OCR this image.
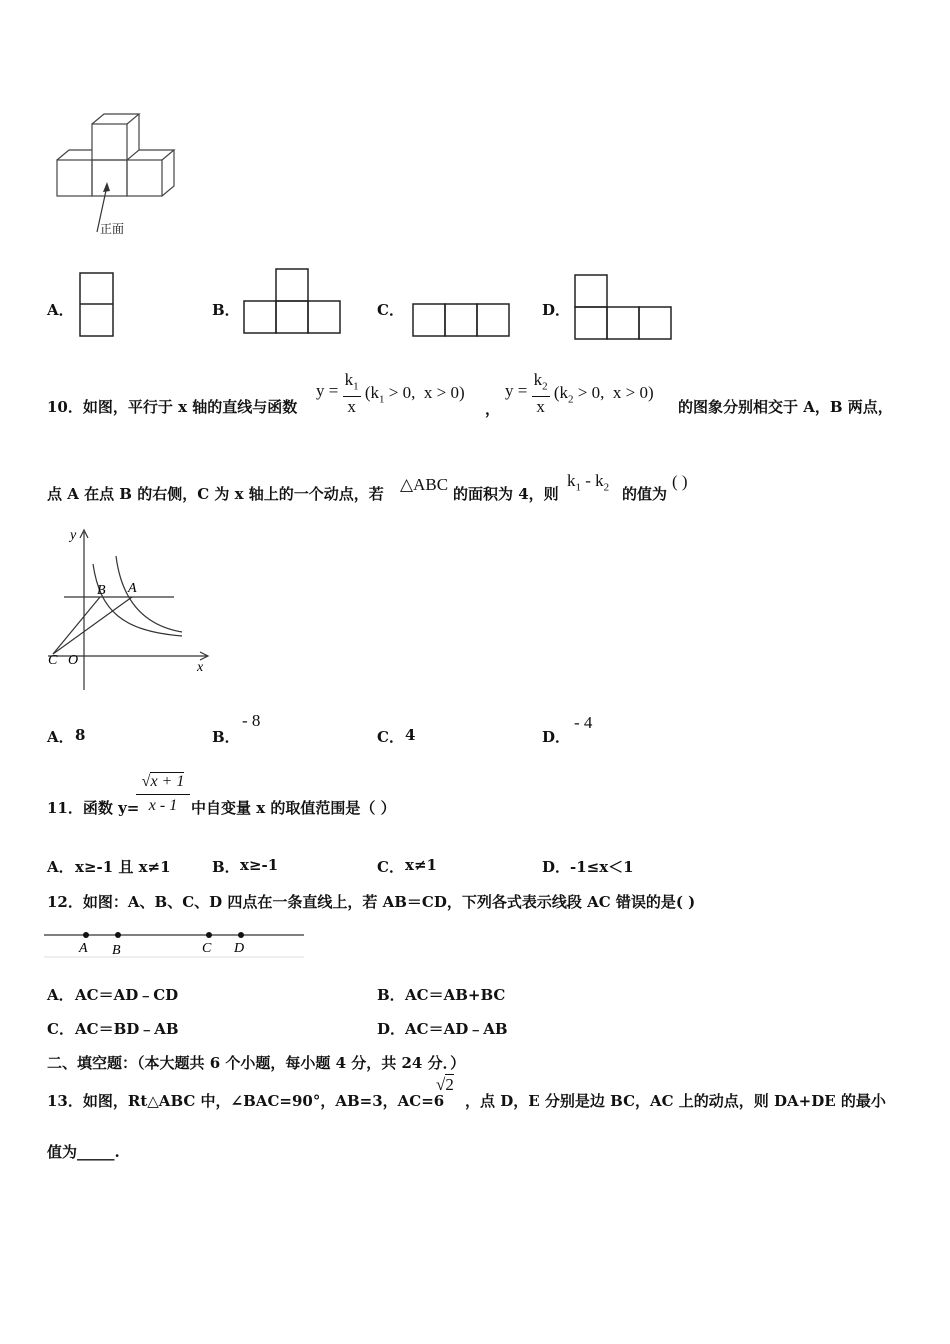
正面
A．	B．	C．	D．
10．如图，平行于 x 轴的直线与函数
$y = \frac{k_1}{x} (k_1 > 0$,  x > 0)
，
$y = \frac{k_2}{x} (k_2 > 0$,  x > 0)
的图象分别相交于 A，B 两点，
点 A 在点 B 的右侧，C 为 x 轴上的一个动点，若 △ABC 的面积为 4，则
$k_1 - k_2$ 的值为
( )
y
x
C O
B A
A． 8	B．
- 8
C． 4	D．
- 4
11．函数 y=
√x + 1
x - 1 中自变量 x 的取值范围是（ ）
A． x≥-1 且 x≠1	B． x≥-1	C． x≠1	D． -1≤x＜1
12．如图：A、B、C、D 四点在一条直线上，若 AB＝CD，下列各式表示线段 AC 错误的是( )
A B	C D
A． AC＝AD﹣CD	B． AC＝AB+BC
C． AC＝BD﹣AB	D． AC＝AD﹣AB
二、填空题：（本大题共 6 个小题，每小题 4 分，共 24 分．）
13．如图，Rt△ABC 中，∠BAC=90°，AB=3，AC=6
√2
，点 D，E 分别是边 BC，AC 上的动点，则 DA+DE 的最小
值为_____.
